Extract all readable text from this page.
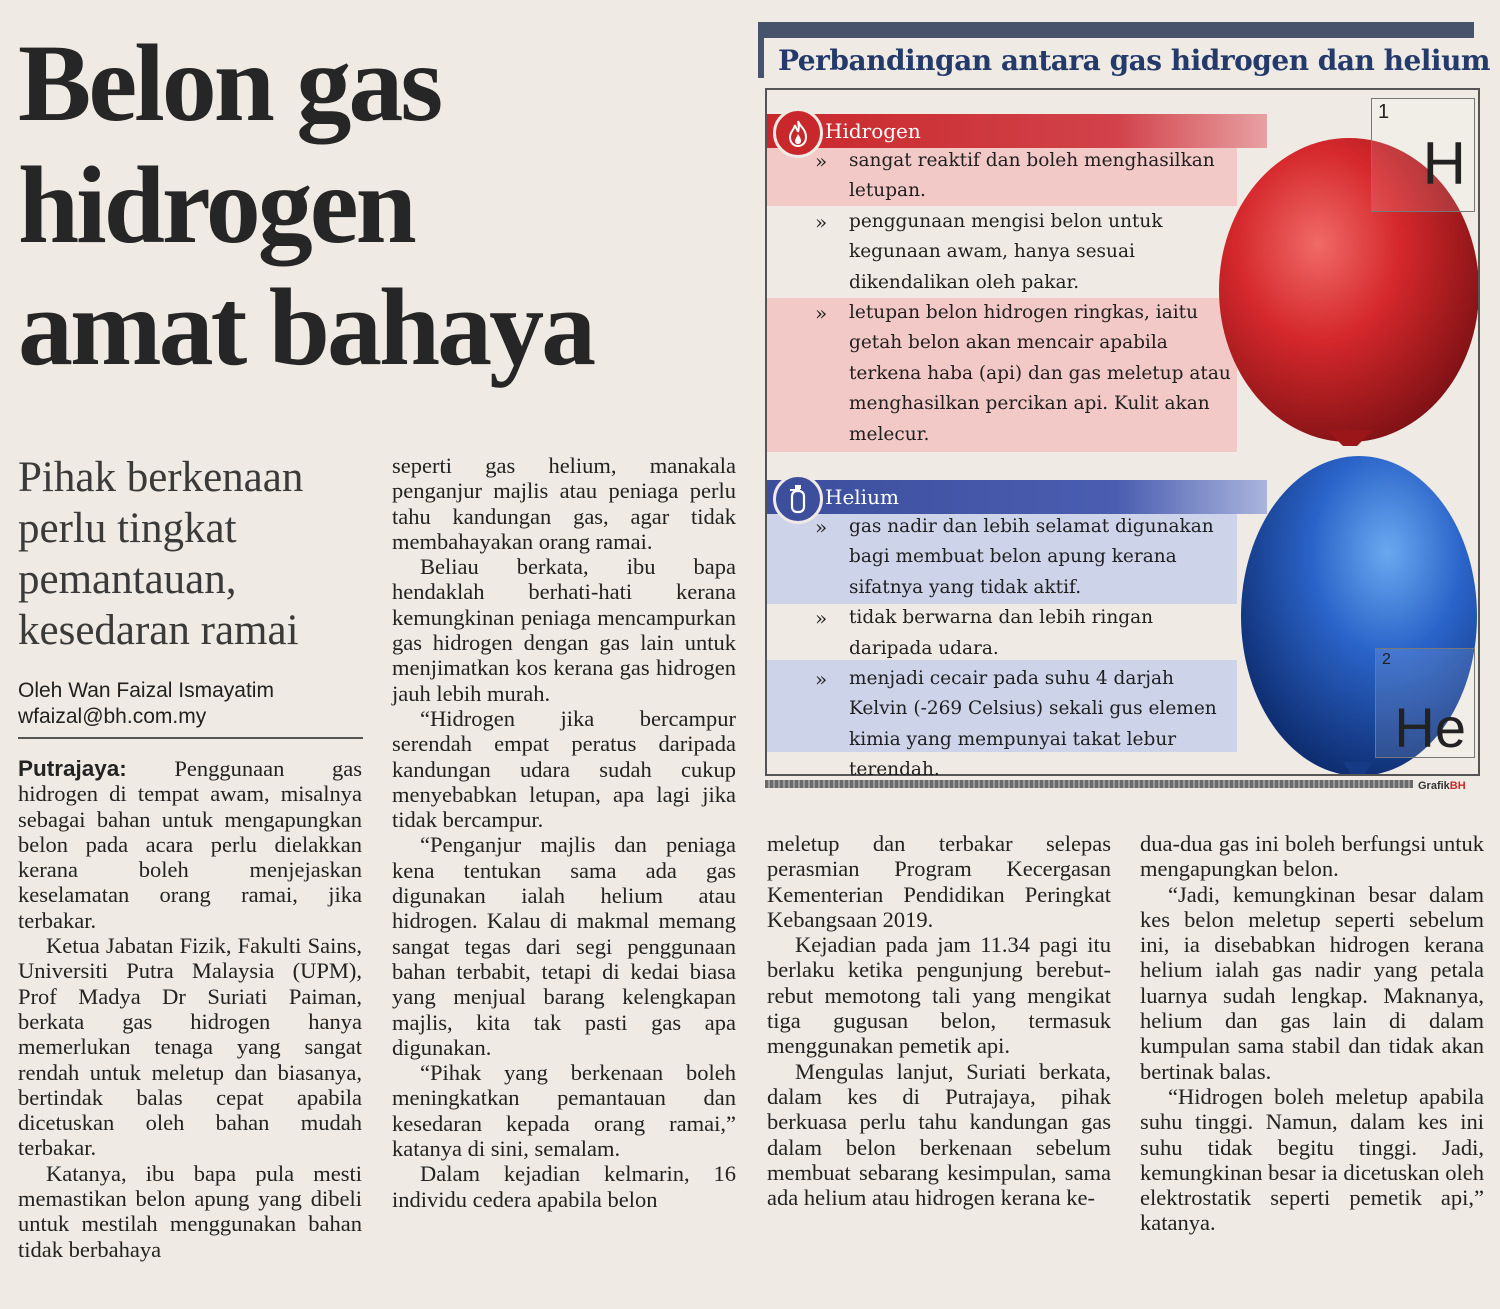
Belon gas
hidrogen
amat bahaya
Pihak berkenaan
perlu tingkat
pemantauan,
kesedaran ramai
Oleh Wan Faizal Ismayatim
wfaizal@bh.com.my

Putrajaya: Penggunaan gas hidrogen di tempat awam, misalnya sebagai bahan untuk mengapungkan belon pada acara perlu dielakkan kerana boleh menjejaskan keselamatan orang ramai, jika terbakar.

Ketua Jabatan Fizik, Fakulti Sains, Universiti Putra Malaysia (UPM), Prof Madya Dr Suriati Paiman, berkata gas hidrogen hanya memerlukan tenaga yang sangat rendah untuk meletup dan biasanya, bertindak balas cepat apabila dicetuskan oleh bahan mudah terbakar.

Katanya, ibu bapa pula mesti memastikan belon apung yang dibeli untuk mestilah menggunakan bahan tidak berbahaya

seperti gas helium, manakala penganjur majlis atau peniaga perlu tahu kandungan gas, agar tidak membahayakan orang ramai.

Beliau berkata, ibu bapa hendaklah berhati-hati kerana kemungkinan peniaga mencampurkan gas hidrogen dengan gas lain untuk menjimatkan kos kerana gas hidrogen jauh lebih murah.

“Hidrogen jika bercampur serendah empat peratus daripada kandungan udara sudah cukup menyebabkan letupan, apa lagi jika tidak bercampur.

“Penganjur majlis dan peniaga kena tentukan sama ada gas digunakan ialah helium atau hidrogen. Kalau di makmal memang sangat tegas dari segi penggunaan bahan terbabit, tetapi di kedai biasa yang menjual barang kelengkapan majlis, kita tak pasti gas apa digunakan.

“Pihak yang berkenaan boleh meningkatkan pemantauan dan kesedaran kepada orang ramai,” katanya di sini, semalam.

Dalam kejadian kelmarin, 16 individu cedera apabila belon

meletup dan terbakar selepas perasmian Program Kecergasan Kementerian Pendidikan Peringkat Kebangsaan 2019.

Kejadian pada jam 11.34 pagi itu berlaku ketika pengunjung berebut-rebut memotong tali yang mengikat tiga gugusan belon, termasuk menggunakan pemetik api.

Mengulas lanjut, Suriati berkata, dalam kes di Putrajaya, pihak berkuasa perlu tahu kandungan gas dalam belon berkenaan sebelum membuat sebarang kesimpulan, sama ada helium atau hidrogen kerana ke-

dua-dua gas ini boleh berfungsi untuk mengapungkan belon.

“Jadi, kemungkinan besar dalam kes belon meletup seperti sebelum ini, ia disebabkan hidrogen kerana helium ialah gas nadir yang petala luarnya sudah lengkap. Maknanya, helium dan gas lain di dalam kumpulan sama stabil dan tidak akan bertinak balas.

“Hidrogen boleh meletup apabila suhu tinggi. Namun, dalam kes ini suhu tidak begitu tinggi. Jadi, kemungkinan besar ia dicetuskan oleh elektrostatik seperti pemetik api,” katanya.

Perbandingan antara gas hidrogen dan helium
Hidrogen
» sangat reaktif dan boleh menghasilkan letupan.
» penggunaan mengisi belon untuk kegunaan awam, hanya sesuai dikendalikan oleh pakar.
» letupan belon hidrogen ringkas, iaitu getah belon akan mencair apabila terkena haba (api) dan gas meletup atau menghasilkan percikan api. Kulit akan melecur.
1
H
Helium
» gas nadir dan lebih selamat digunakan bagi membuat belon apung kerana sifatnya yang tidak aktif.
» tidak berwarna dan lebih ringan daripada udara.
» menjadi cecair pada suhu 4 darjah Kelvin (-269 Celsius) sekali gus elemen kimia yang mempunyai takat lebur terendah.
2
He
GrafikBH
